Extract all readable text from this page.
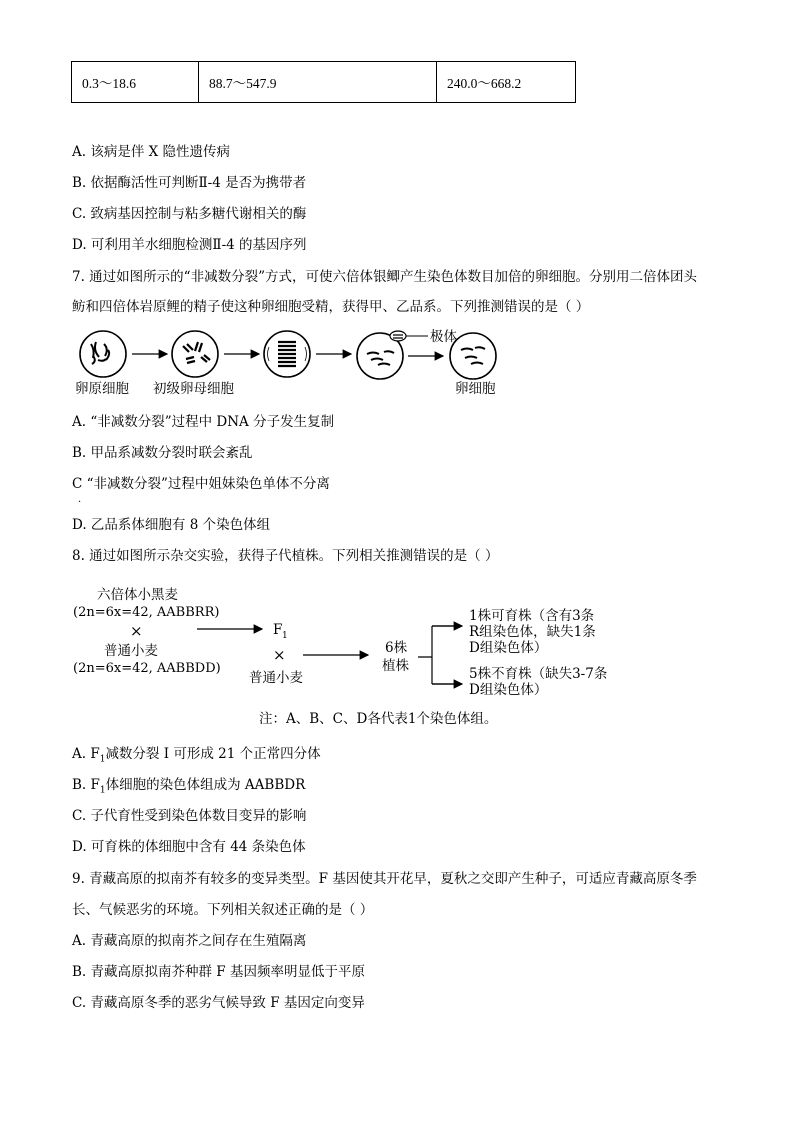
0.3～18.6	88.7～547.9	240.0～668.2
A. 该病是伴 X 隐性遗传病
B. 依据酶活性可判断Ⅱ-4 是否为携带者
C. 致病基因控制与粘多糖代谢相关的酶
D. 可利用羊水细胞检测Ⅱ-4 的基因序列
7. 通过如图所示的“非减数分裂”方式，可使六倍体银鲫产生染色体数目加倍的卵细胞。分别用二倍体团头
鲂和四倍体岩原鲤的精子使这种卵细胞受精，获得甲、乙品系。下列推测错误的是（ ）
极体
卵原细胞 初级卵母细胞	卵细胞
A. “非减数分裂”过程中 DNA 分子发生复制
B. 甲品系减数分裂时联会紊乱
C “非减数分裂”过程中姐妹染色单体不分离
.
D. 乙品系体细胞有 8 个染色体组
8. 通过如图所示杂交实验，获得子代植株。下列相关推测错误的是（ ）
六倍体小黑麦
(2n=6x=42, AABBRR)
×
普通小麦
(2n=6x=42, AABBDD)
F 1
×
普通小麦
6株
植株
1株可育株（含有3条
R组染色体，缺失1条
D组染色体）
5株不育株（缺失3-7条
D组染色体）
注：A、B、C、D各代表1个染色体组。
A. $F_1$减数分裂 I 可形成 21 个正常四分体
B. $F_1$体细胞的染色体组成为 AABBDR
C. 子代育性受到染色体数目变异的影响
D. 可育株的体细胞中含有 44 条染色体
9. 青藏高原的拟南芥有较多的变异类型。F 基因使其开花早，夏秋之交即产生种子，可适应青藏高原冬季
长、气候恶劣的环境。下列相关叙述正确的是（ ）
A. 青藏高原的拟南芥之间存在生殖隔离
B. 青藏高原拟南芥种群 F 基因频率明显低于平原
C. 青藏高原冬季的恶劣气候导致 F 基因定向变异
